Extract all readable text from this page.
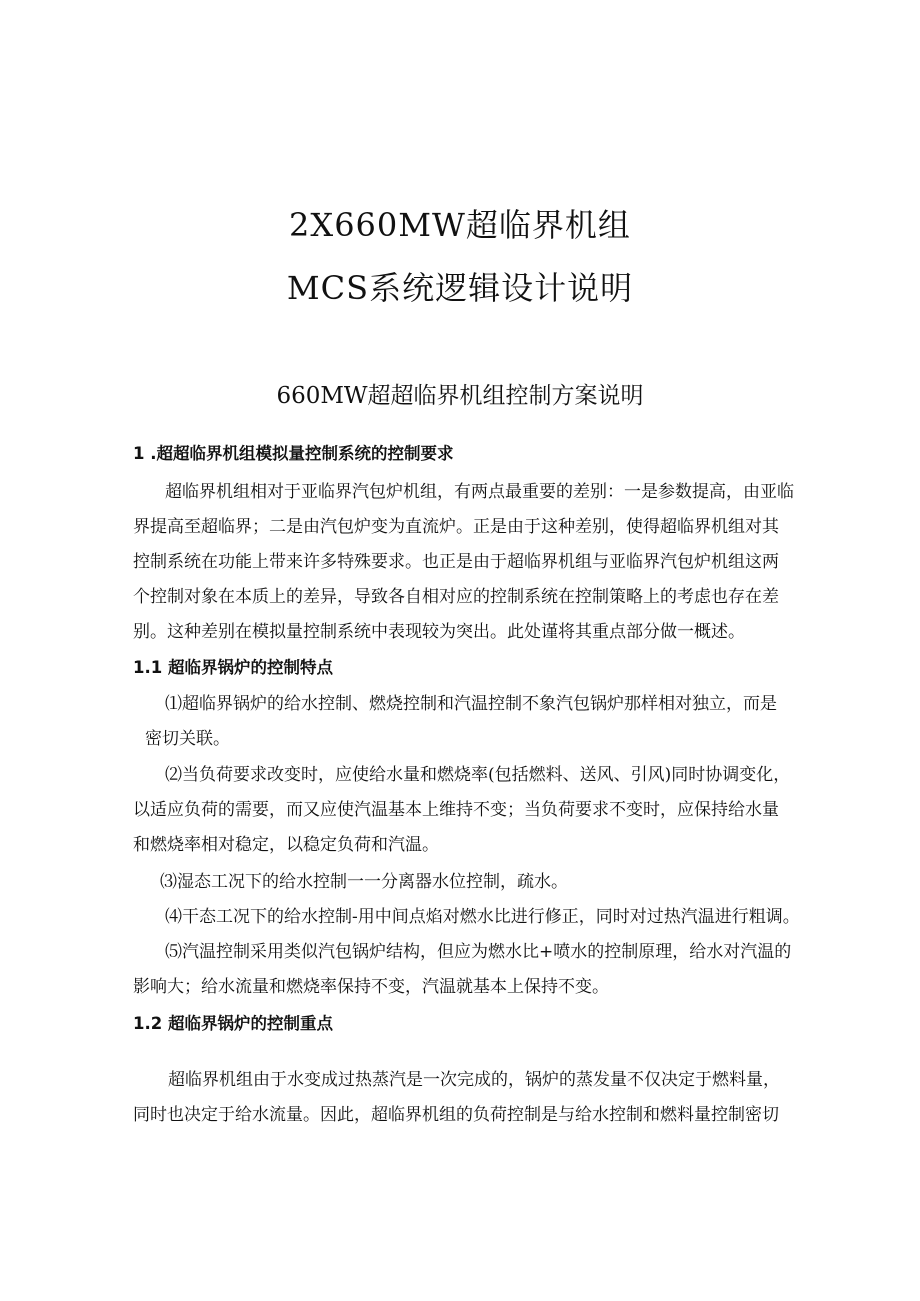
2X660MW超临界机组
MCS系统逻辑设计说明
660MW超超临界机组控制方案说明
1 .超超临界机组模拟量控制系统的控制要求
超临界机组相对于亚临界汽包炉机组，有两点最重要的差别：一是参数提高，由亚临
界提高至超临界；二是由汽包炉变为直流炉。正是由于这种差别，使得超临界机组对其
控制系统在功能上带来许多特殊要求。也正是由于超临界机组与亚临界汽包炉机组这两
个控制对象在本质上的差异，导致各自相对应的控制系统在控制策略上的考虑也存在差
别。这种差别在模拟量控制系统中表现较为突出。此处谨将其重点部分做一概述。
1.1 超临界锅炉的控制特点
⑴超临界锅炉的给水控制、燃烧控制和汽温控制不象汽包锅炉那样相对独立，而是
密切关联。
⑵当负荷要求改变时，应使给水量和燃烧率(包括燃料、送风、引风)同时协调变化，
以适应负荷的需要，而又应使汽温基本上维持不变；当负荷要求不变时，应保持给水量
和燃烧率相对稳定，以稳定负荷和汽温。
⑶湿态工况下的给水控制一一分离器水位控制，疏水。
⑷干态工况下的给水控制-用中间点焰对燃水比进行修正，同时对过热汽温进行粗调。
⑸汽温控制采用类似汽包锅炉结构，但应为燃水比+喷水的控制原理，给水对汽温的
影响大；给水流量和燃烧率保持不变，汽温就基本上保持不变。
1.2 超临界锅炉的控制重点
超临界机组由于水变成过热蒸汽是一次完成的，锅炉的蒸发量不仅决定于燃料量，
同时也决定于给水流量。因此，超临界机组的负荷控制是与给水控制和燃料量控制密切
